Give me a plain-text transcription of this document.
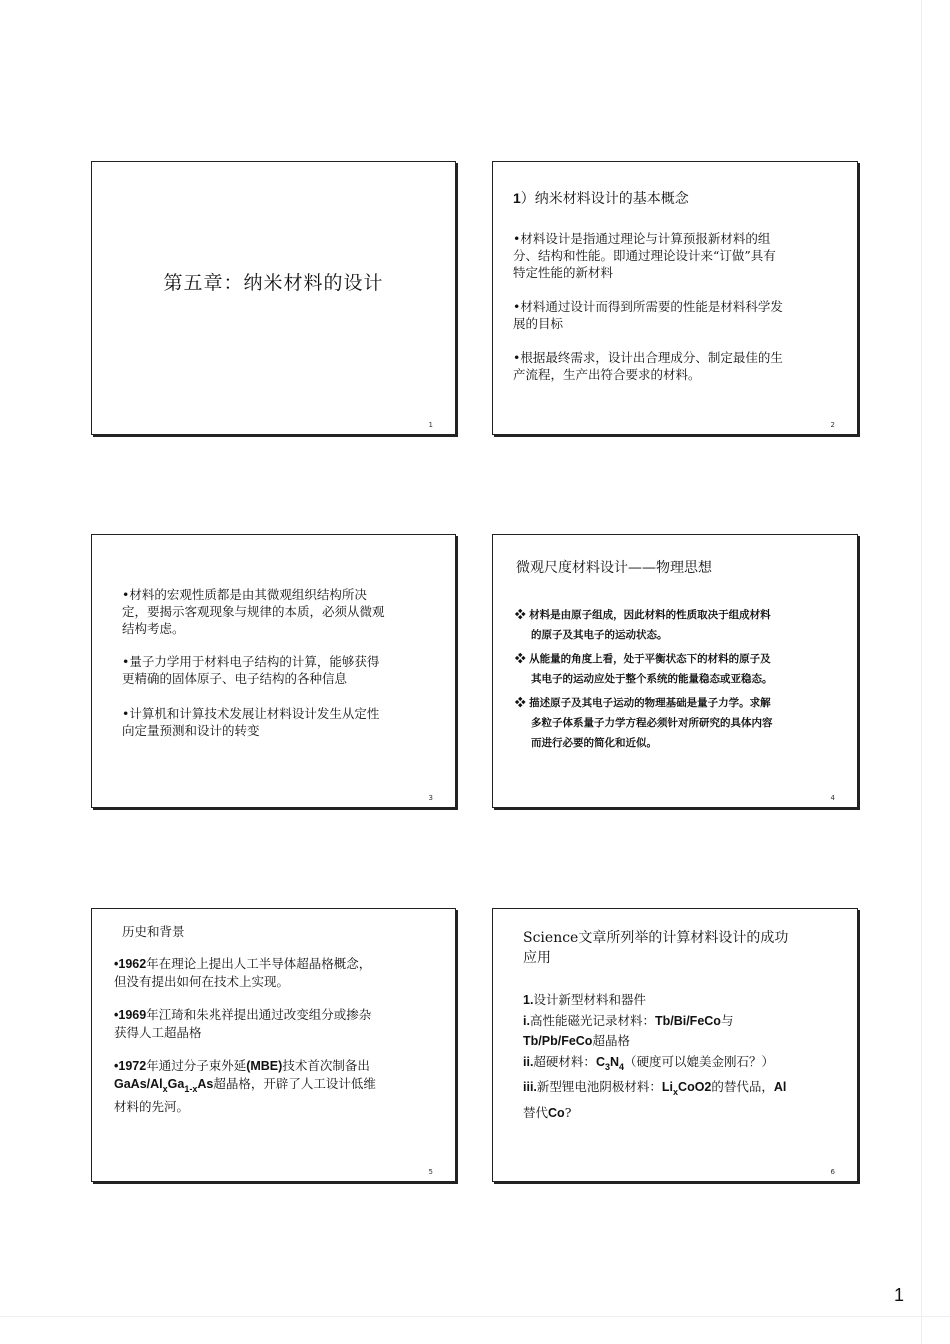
第五章：纳米材料的设计
1
1）纳米材料设计的基本概念

•材料设计是指通过理论与计算预报新材料的组

分、结构和性能。即通过理论设计来“订做”具有

特定性能的新材料

•材料通过设计而得到所需要的性能是材料科学发

展的目标

•根据最终需求，设计出合理成分、制定最佳的生

产流程，生产出符合要求的材料。

2

•材料的宏观性质都是由其微观组织结构所决

定，要揭示客观现象与规律的本质，必须从微观

结构考虑。

•量子力学用于材料电子结构的计算，能够获得

更精确的固体原子、电子结构的各种信息

•计算机和计算技术发展让材料设计发生从定性

向定量预测和设计的转变

3
微观尺度材料设计——物理思想

❖ 材料是由原子组成，因此材料的性质取决于组成材料

的原子及其电子的运动状态。

❖ 从能量的角度上看，处于平衡状态下的材料的原子及

其电子的运动应处于整个系统的能量稳态或亚稳态。

❖ 描述原子及其电子运动的物理基础是量子力学。求解

多粒子体系量子力学方程必须针对所研究的具体内容

而进行必要的简化和近似。

4
历史和背景

•1962年在理论上提出人工半导体超晶格概念，

但没有提出如何在技术上实现。

•1969年江琦和朱兆祥提出通过改变组分或掺杂

获得人工超晶格

•1972年通过分子束外延(MBE)技术首次制备出

GaAs/$Al_xGa_{1-x}As$超晶格，开辟了人工设计低维

材料的先河。

5

Science文章所列举的计算材料设计的成功

应用

1.设计新型材料和器件

i.高性能磁光记录材料：Tb/Bi/FeCo与

Tb/Pb/FeCo超晶格

ii.超硬材料：$C_3N_4$（硬度可以媲美金刚石？）

iii.新型锂电池阴极材料：$Li_xCoO2$的替代品，Al

替代Co?

6
1
